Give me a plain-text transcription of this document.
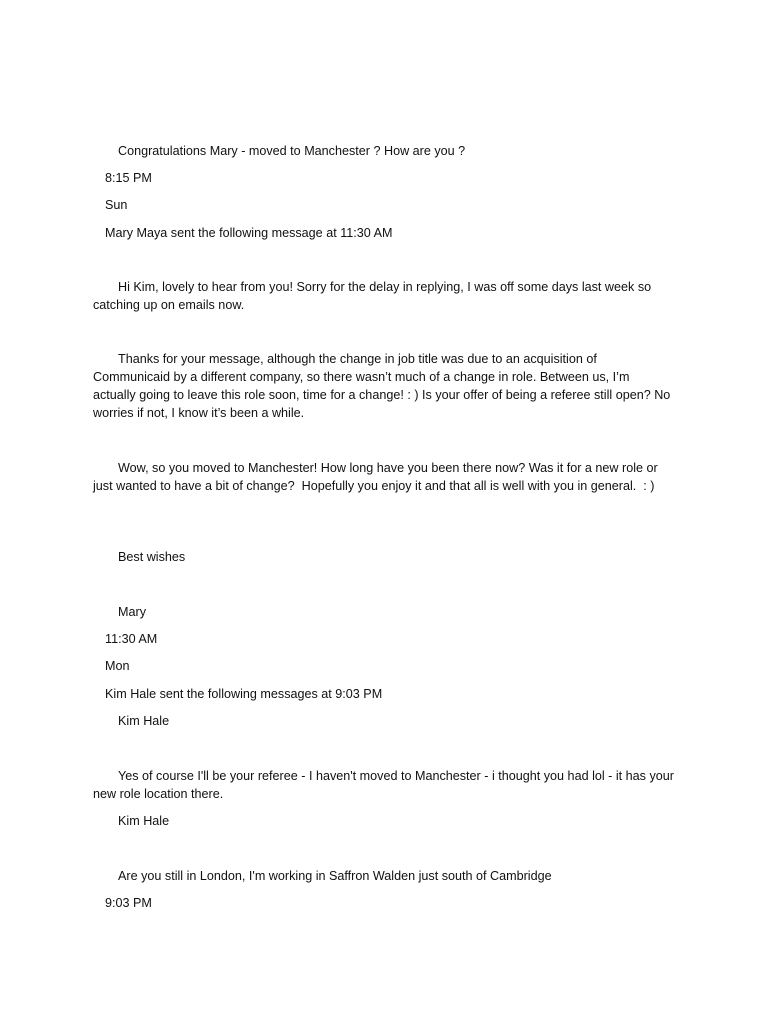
Congratulations Mary - moved to Manchester ? How are you ?
8:15 PM
Sun
Mary Maya sent the following message at 11:30 AM
Hi Kim, lovely to hear from you! Sorry for the delay in replying, I was off some days last week so catching up on emails now.
Thanks for your message, although the change in job title was due to an acquisition of Communicaid by a different company, so there wasn’t much of a change in role. Between us, I’m actually going to leave this role soon, time for a change! : ) Is your offer of being a referee still open? No worries if not, I know it’s been a while.
Wow, so you moved to Manchester! How long have you been there now? Was it for a new role or just wanted to have a bit of change?  Hopefully you enjoy it and that all is well with you in general.  : )
Best wishes
Mary
11:30 AM
Mon
Kim Hale sent the following messages at 9:03 PM
Kim Hale
Yes of course I'll be your referee - I haven't moved to Manchester - i thought you had lol - it has your new role location there.
Kim Hale
Are you still in London, I'm working in Saffron Walden just south of Cambridge
9:03 PM
